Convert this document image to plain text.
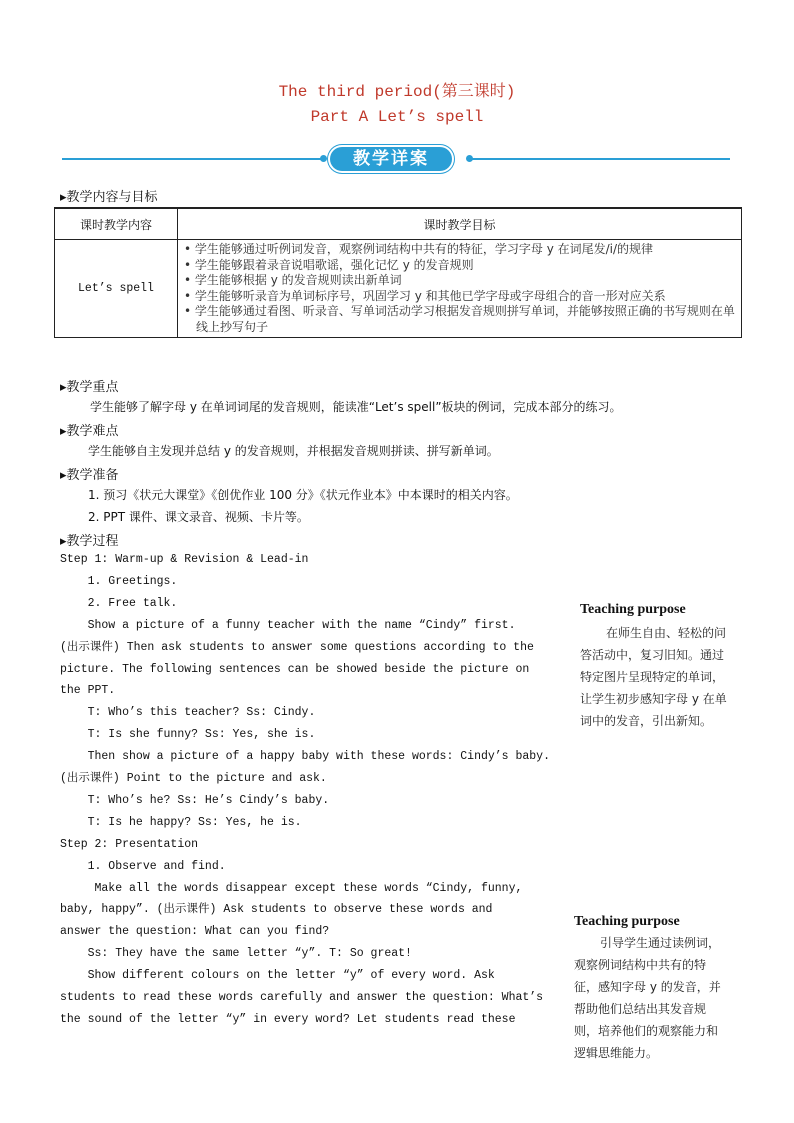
The third period(第三课时)
Part A Let’s spell
教学详案
▸教学内容与目标
课时教学内容	课时教学目标
Let’s spell	• 学生能够通过听例词发音，观察例词结构中共有的特征，学习字母 y 在词尾发/i/的规律
• 学生能够跟着录音说唱歌谣，强化记忆 y 的发音规则
• 学生能够根据 y 的发音规则读出新单词
• 学生能够听录音为单词标序号，巩固学习 y 和其他已学字母或字母组合的音一形对应关系
• 学生能够通过看图、听录音、写单词活动学习根据发音规则拼写单词，并能够按照正确的书写规则在单线上抄写句子
▸教学重点
学生能够了解字母 y 在单词词尾的发音规则，能读准“Let’s spell”板块的例词，完成本部分的练习。
▸教学难点
学生能够自主发现并总结 y 的发音规则，并根据发音规则拼读、拼写新单词。
▸教学准备
1. 预习《状元大课堂》《创优作业 100 分》《状元作业本》中本课时的相关内容。
2. PPT 课件、课文录音、视频、卡片等。
▸教学过程
Step 1: Warm-up & Revision & Lead-in
1. Greetings.
2. Free talk.
Show a picture of a funny teacher with the name “Cindy” first.
(出示课件) Then ask students to answer some questions according to the
picture. The following sentences can be showed beside the picture on
the PPT.
T: Who’s this teacher? Ss: Cindy.
T: Is she funny? Ss: Yes, she is.
Then show a picture of a happy baby with these words: Cindy’s baby.
(出示课件) Point to the picture and ask.
T: Who’s he? Ss: He’s Cindy’s baby.
T: Is he happy? Ss: Yes, he is.
Step 2: Presentation
1. Observe and find.
Make all the words disappear except these words “Cindy, funny,
baby, happy”. (出示课件) Ask students to observe these words and
answer the question: What can you find?
Ss: They have the same letter “y”. T: So great!
Show different colours on the letter “y” of every word. Ask
students to read these words carefully and answer the question: What’s
the sound of the letter “y” in every word? Let students read these
Teaching purpose
在师生自由、轻松的问
答活动中，复习旧知。通过
特定图片呈现特定的单词，
让学生初步感知字母 y 在单
词中的发音，引出新知。
Teaching purpose
引导学生通过读例词，
观察例词结构中共有的特
征，感知字母 y 的发音，并
帮助他们总结出其发音规
则，培养他们的观察能力和
逻辑思维能力。
